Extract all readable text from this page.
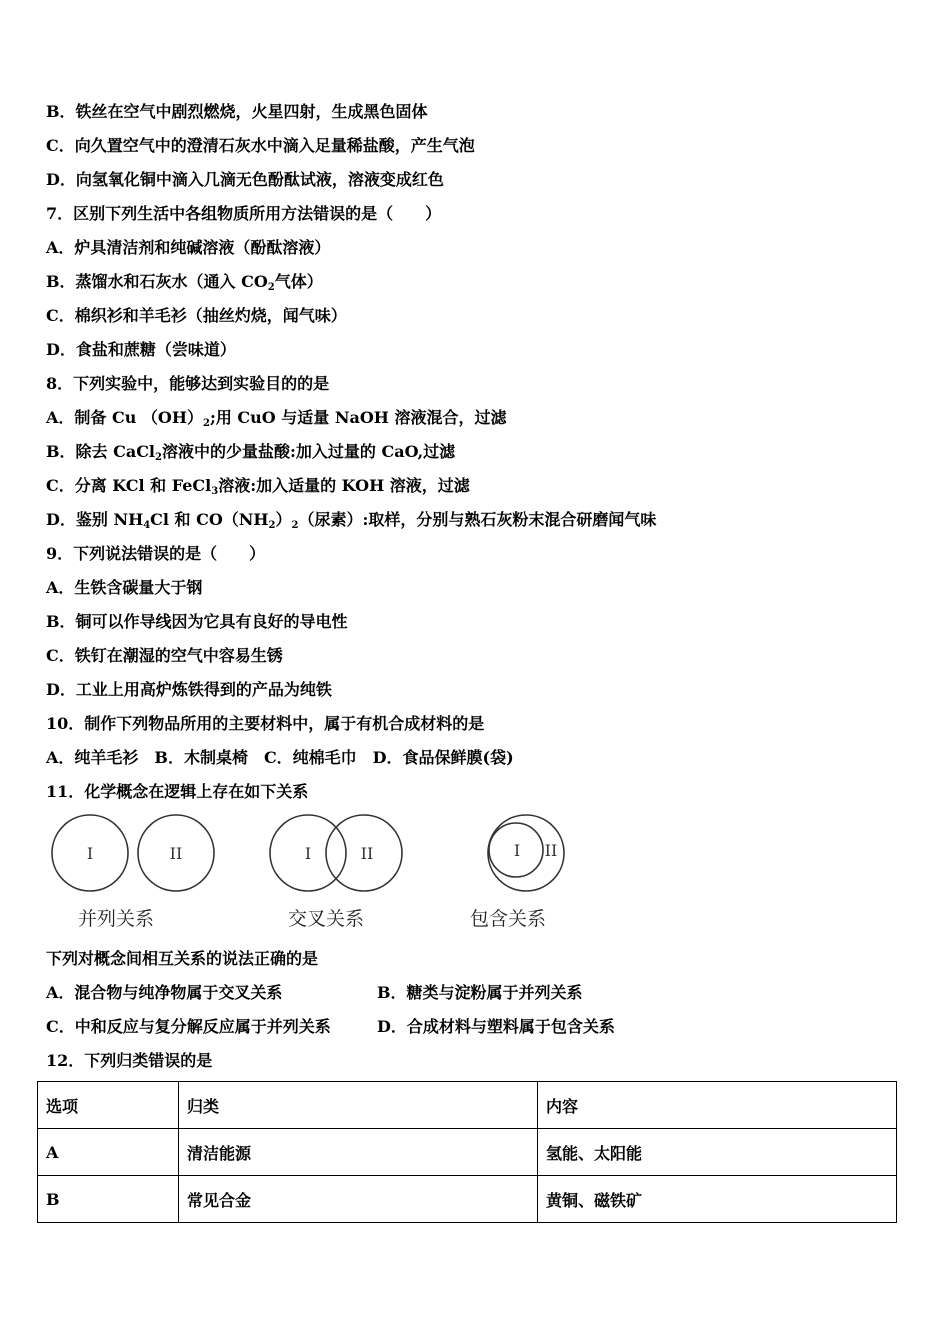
B．铁丝在空气中剧烈燃烧，火星四射，生成黑色固体
C．向久置空气中的澄清石灰水中滴入足量稀盐酸，产生气泡
D．向氢氧化铜中滴入几滴无色酚酞试液，溶液变成红色
7．区别下列生活中各组物质所用方法错误的是（　　）
A．炉具清洁剂和纯碱溶液（酚酞溶液）
B．蒸馏水和石灰水（通入 $CO_2$气体）
C．棉织衫和羊毛衫（抽丝灼烧，闻气味）
D．食盐和蔗糖（尝味道）
8．下列实验中，能够达到实验目的的是
A．制备 Cu $(OH)_2$;用 CuO 与适量 NaOH 溶液混合，过滤
B．除去 CaCl$_2$溶液中的少量盐酸:加入过量的 CaO,过滤
C．分离 KCl 和 FeCl$_3$溶液:加入适量的 KOH 溶液，过滤
D．鉴别 $NH_4Cl$ 和 $CO(NH_2)_2$（尿素）:取样，分别与熟石灰粉末混合研磨闻气味
9．下列说法错误的是（　　）
A．生铁含碳量大于钢
B．铜可以作导线因为它具有良好的导电性
C．铁钉在潮湿的空气中容易生锈
D．工业上用高炉炼铁得到的产品为纯铁
10．制作下列物品所用的主要材料中，属于有机合成材料的是
A．纯羊毛衫　B．木制桌椅　C．纯棉毛巾　D．食品保鲜膜(袋)
11．化学概念在逻辑上存在如下关系
I	II	I	II	I II
并列关系	交叉关系	包含关系
下列对概念间相互关系的说法正确的是
A．混合物与纯净物属于交叉关系	B．糖类与淀粉属于并列关系
C．中和反应与复分解反应属于并列关系	D．合成材料与塑料属于包含关系
12．下列归类错误的是
选项	归类	内容
A	清洁能源	氢能、太阳能
B	常见合金	黄铜、磁铁矿
